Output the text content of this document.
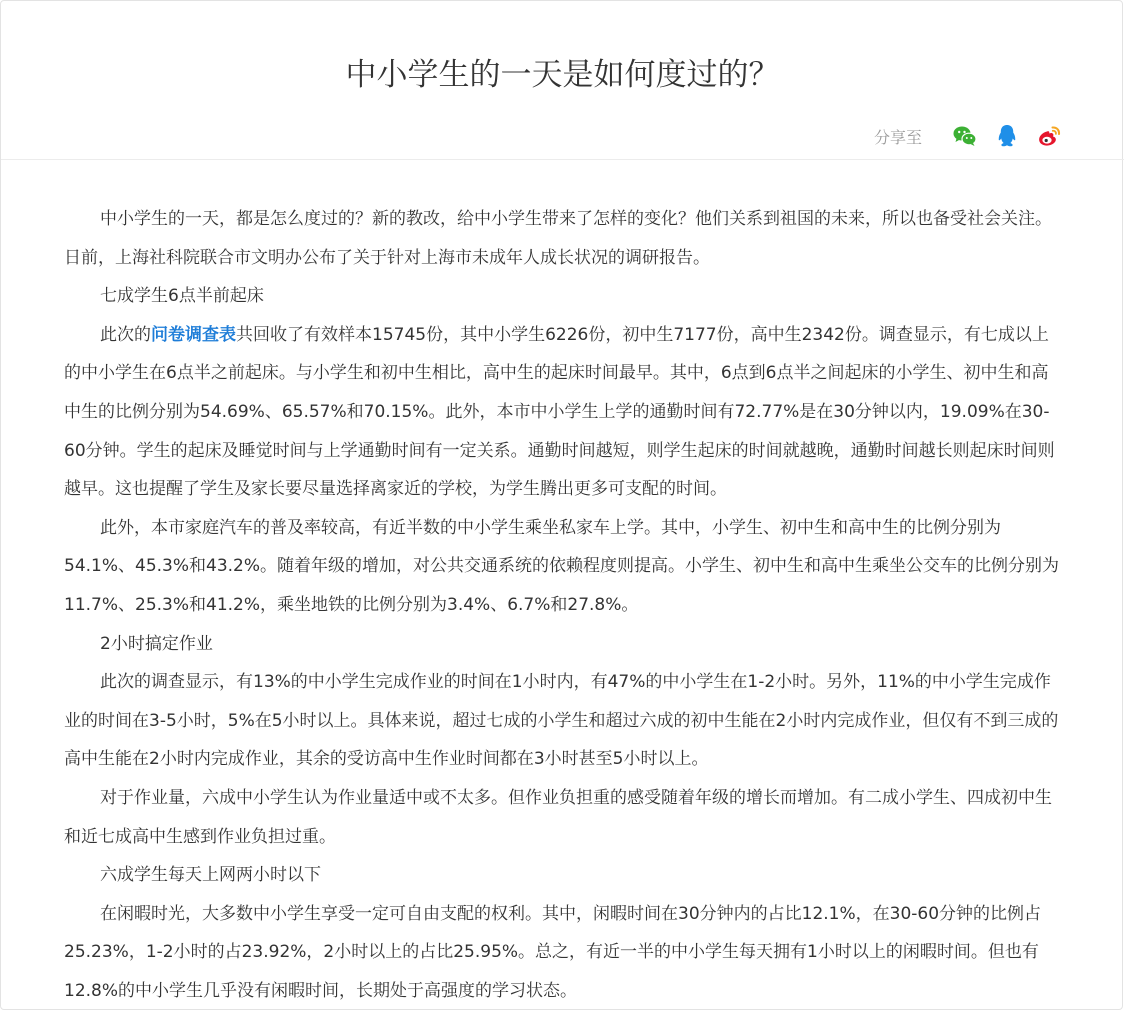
中小学生的一天是如何度过的？
分享至

中小学生的一天，都是怎么度过的？新的教改，给中小学生带来了怎样的变化？他们关系到祖国的未来，所以也备受社会关注。日前，上海社科院联合市文明办公布了关于针对上海市未成年人成长状况的调研报告。

七成学生6点半前起床

此次的问卷调查表共回收了有效样本15745份，其中小学生6226份，初中生7177份，高中生2342份。调查显示，有七成以上的中小学生在6点半之前起床。与小学生和初中生相比，高中生的起床时间最早。其中，6点到6点半之间起床的小学生、初中生和高中生的比例分别为54.69%、65.57%和70.15%。此外，本市中小学生上学的通勤时间有72.77%是在30分钟以内，19.09%在30-60分钟。学生的起床及睡觉时间与上学通勤时间有一定关系。通勤时间越短，则学生起床的时间就越晚，通勤时间越长则起床时间则越早。这也提醒了学生及家长要尽量选择离家近的学校，为学生腾出更多可支配的时间。

此外，本市家庭汽车的普及率较高，有近半数的中小学生乘坐私家车上学。其中，小学生、初中生和高中生的比例分别为54.1%、45.3%和43.2%。随着年级的增加，对公共交通系统的依赖程度则提高。小学生、初中生和高中生乘坐公交车的比例分别为11.7%、25.3%和41.2%，乘坐地铁的比例分别为3.4%、6.7%和27.8%。

2小时搞定作业

此次的调查显示，有13%的中小学生完成作业的时间在1小时内，有47%的中小学生在1-2小时。另外，11%的中小学生完成作业的时间在3-5小时，5%在5小时以上。具体来说，超过七成的小学生和超过六成的初中生能在2小时内完成作业，但仅有不到三成的高中生能在2小时内完成作业，其余的受访高中生作业时间都在3小时甚至5小时以上。

对于作业量，六成中小学生认为作业量适中或不太多。但作业负担重的感受随着年级的增长而增加。有二成小学生、四成初中生和近七成高中生感到作业负担过重。

六成学生每天上网两小时以下

在闲暇时光，大多数中小学生享受一定可自由支配的权利。其中，闲暇时间在30分钟内的占比12.1%，在30-60分钟的比例占25.23%，1-2小时的占23.92%，2小时以上的占比25.95%。总之，有近一半的中小学生每天拥有1小时以上的闲暇时间。但也有12.8%的中小学生几乎没有闲暇时间，长期处于高强度的学习状态。
